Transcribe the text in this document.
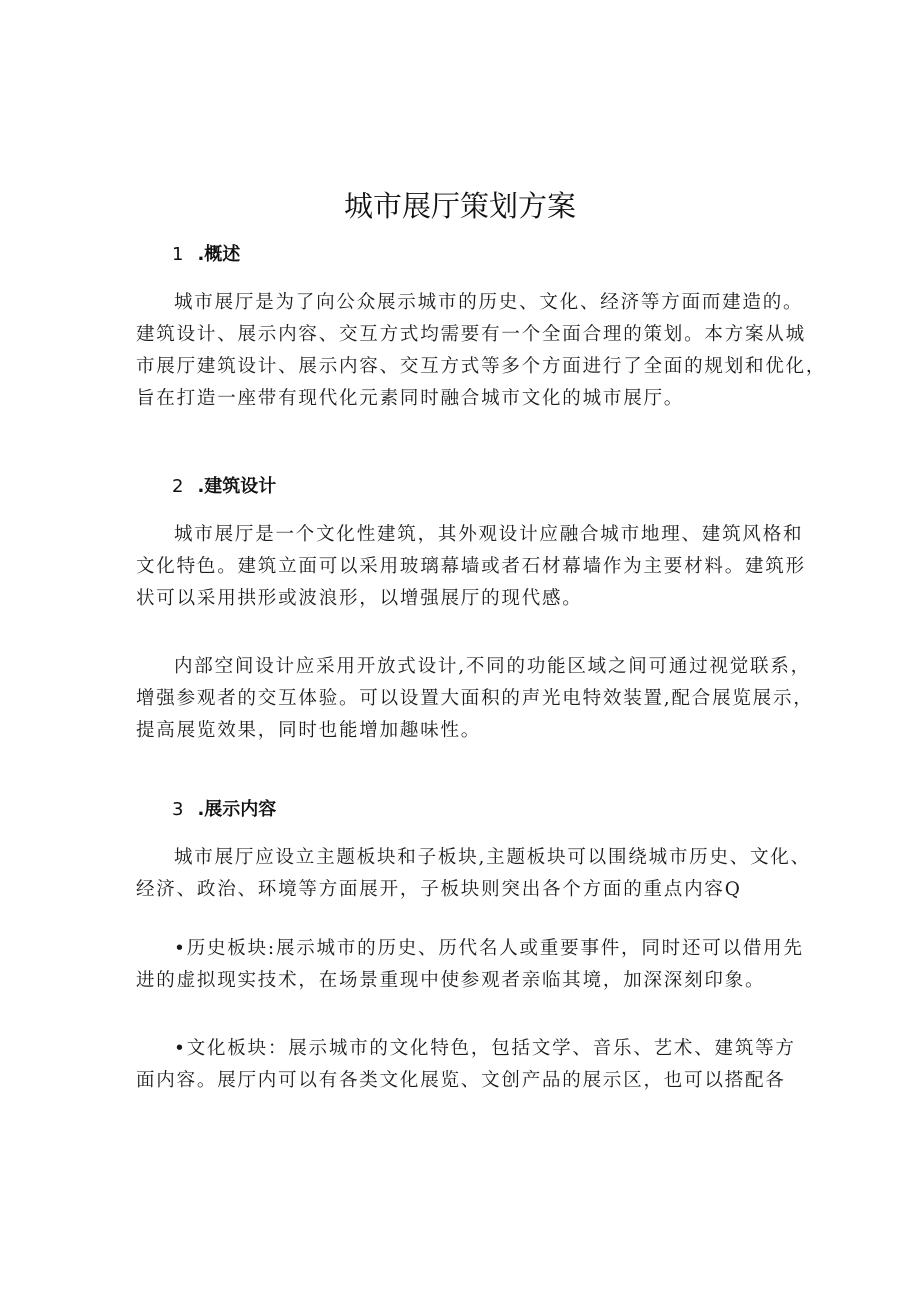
城市展厅策划方案
1 .概述
城市展厅是为了向公众展示城市的历史、文化、经济等方面而建造的。
建筑设计、展示内容、交互方式均需要有一个全面合理的策划。本方案从城
市展厅建筑设计、展示内容、交互方式等多个方面进行了全面的规划和优化，
旨在打造一座带有现代化元素同时融合城市文化的城市展厅。
2 .建筑设计
城市展厅是一个文化性建筑，其外观设计应融合城市地理、建筑风格和
文化特色。建筑立面可以采用玻璃幕墙或者石材幕墙作为主要材料。建筑形
状可以采用拱形或波浪形，以增强展厅的现代感。
内部空间设计应采用开放式设计,不同的功能区域之间可通过视觉联系，
增强参观者的交互体验。可以设置大面积的声光电特效装置,配合展览展示，
提高展览效果，同时也能增加趣味性。
3 .展示内容
城市展厅应设立主题板块和子板块,主题板块可以围绕城市历史、文化、
经济、政治、环境等方面展开，子板块则突出各个方面的重点内容Q
•历史板块:展示城市的历史、历代名人或重要事件，同时还可以借用先
进的虚拟现实技术，在场景重现中使参观者亲临其境，加深深刻印象。
•文化板块：展示城市的文化特色，包括文学、音乐、艺术、建筑等方
面内容。展厅内可以有各类文化展览、文创产品的展示区，也可以搭配各
